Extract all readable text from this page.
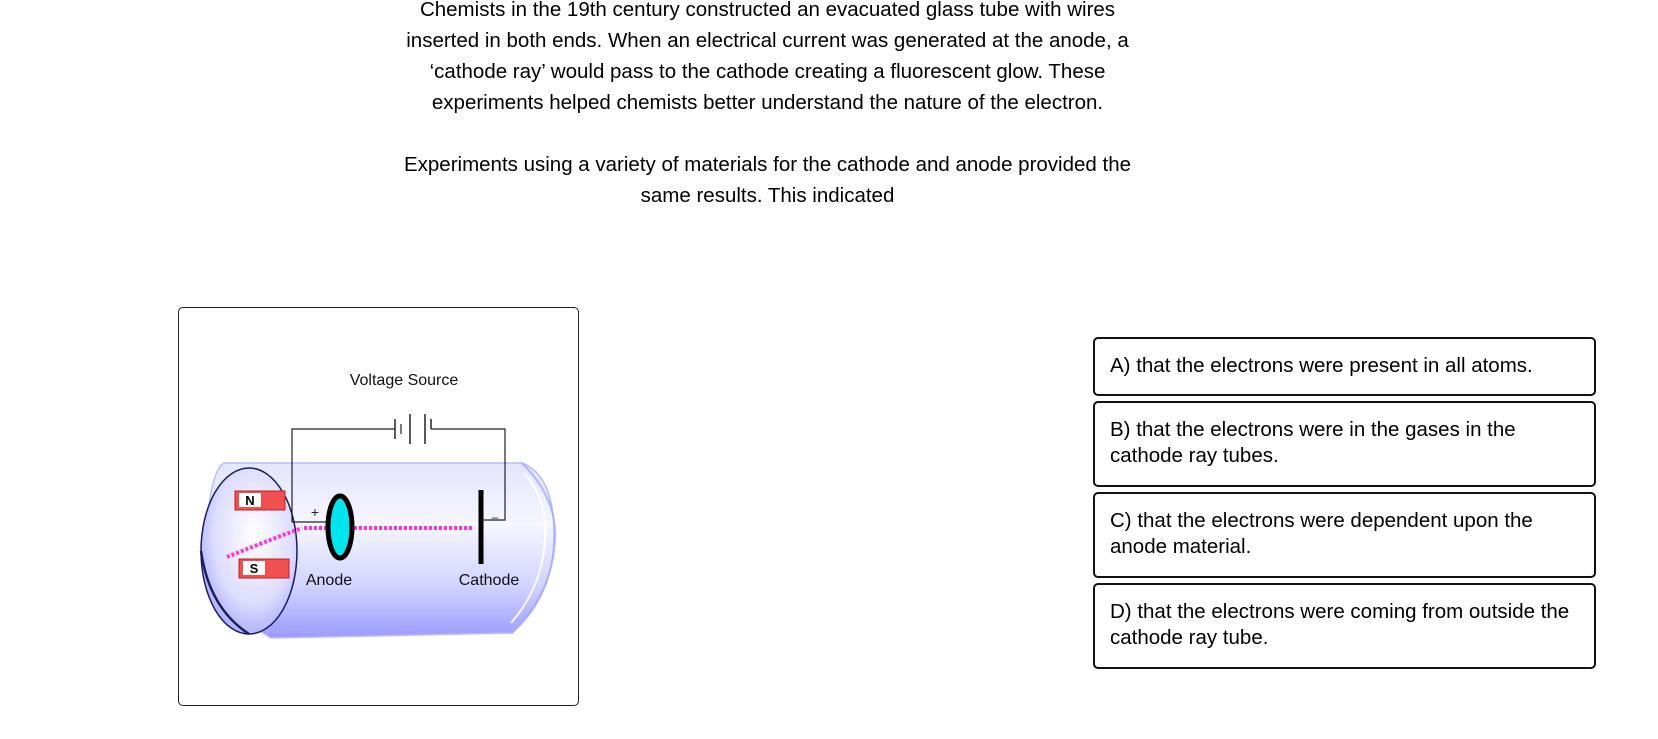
Chemists in the 19th century constructed an evacuated glass tube with wires inserted in both ends. When an electrical current was generated at the anode, a ‘cathode ray’ would pass to the cathode creating a fluorescent glow. These experiments helped chemists better understand the nature of the electron.

Experiments using a variety of materials for the cathode and anode provided the same results. This indicated

N
S
+	–
Voltage Source
Anode	Cathode
A) that the electrons were present in all atoms.
B) that the electrons were in the gases in the cathode ray tubes.
C) that the electrons were dependent upon the anode material.
D) that the electrons were coming from outside the cathode ray tube.
